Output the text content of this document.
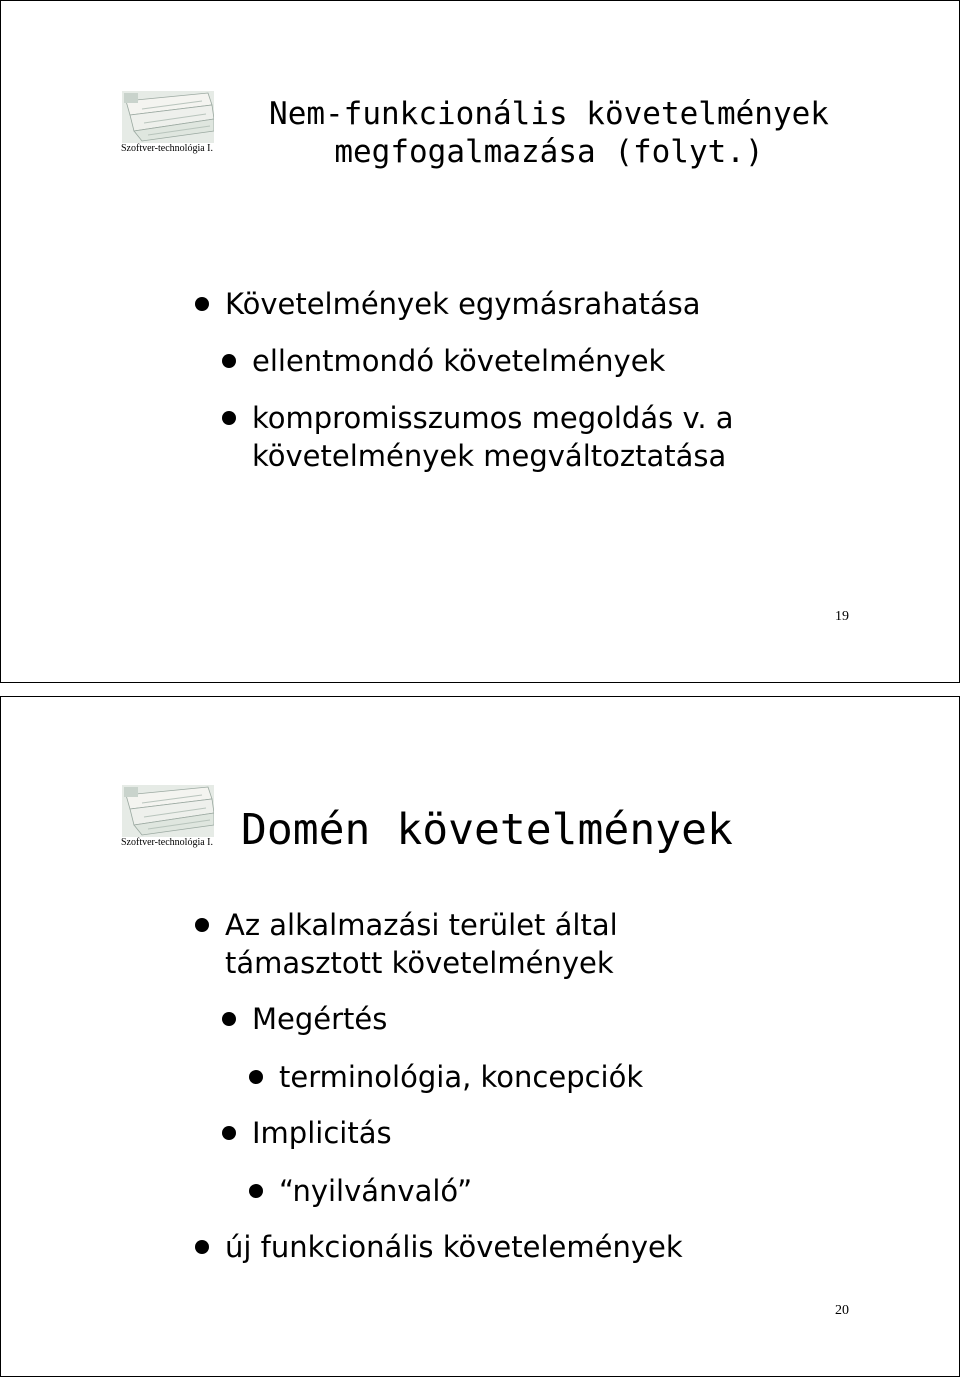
Szoftver-technológia I.
Nem-funkcionális követelmények
megfogalmazása (folyt.)
Követelmények egymásrahatása
ellentmondó követelmények
kompromisszumos megoldás v. a
követelmények megváltoztatása
19
Szoftver-technológia I. Domén követelmények
Az alkalmazási terület által
támasztott követelmények
Megértés
terminológia, koncepciók
Implicitás
“nyilvánvaló”
új funkcionális követelemények
20
